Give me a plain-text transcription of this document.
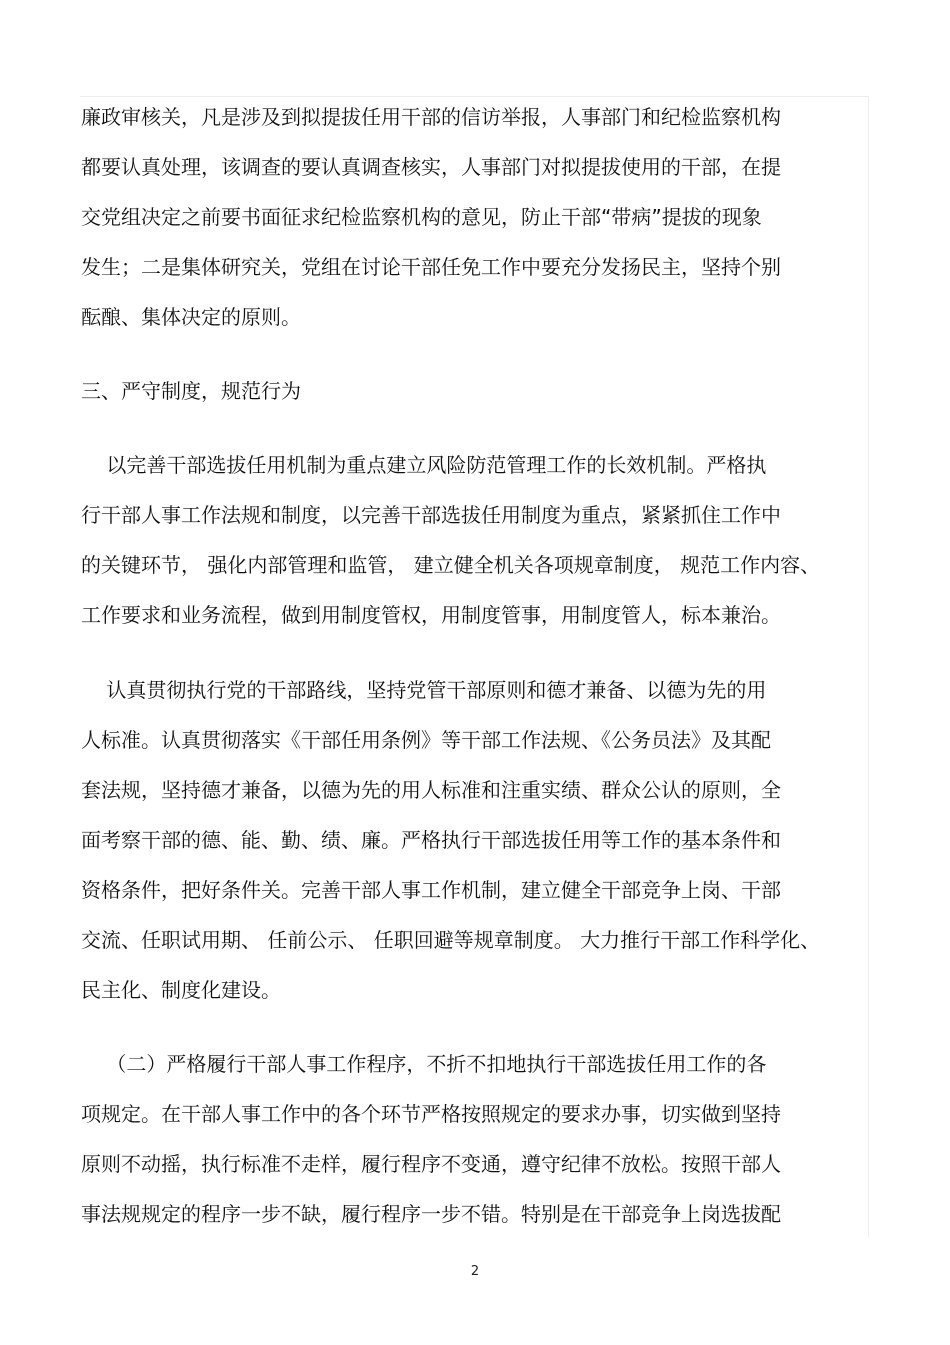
廉政审核关，凡是涉及到拟提拔任用干部的信访举报，人事部门和纪检监察机构
都要认真处理，该调查的要认真调查核实，人事部门对拟提拔使用的干部，在提
交党组决定之前要书面征求纪检监察机构的意见，防止干部“带病”提拔的现象
发生；二是集体研究关，党组在讨论干部任免工作中要充分发扬民主，坚持个别
酝酿、集体决定的原则。
三、严守制度，规范行为
以完善干部选拔任用机制为重点建立风险防范管理工作的长效机制。严格执
行干部人事工作法规和制度，以完善干部选拔任用制度为重点，紧紧抓住工作中
的关键环节， 强化内部管理和监管， 建立健全机关各项规章制度， 规范工作内容、
工作要求和业务流程，做到用制度管权，用制度管事，用制度管人，标本兼治。
认真贯彻执行党的干部路线，坚持党管干部原则和德才兼备、以德为先的用
人标准。认真贯彻落实《干部任用条例》等干部工作法规、《公务员法》及其配
套法规，坚持德才兼备，以德为先的用人标准和注重实绩、群众公认的原则，全
面考察干部的德、能、勤、绩、廉。严格执行干部选拔任用等工作的基本条件和
资格条件，把好条件关。完善干部人事工作机制，建立健全干部竞争上岗、干部
交流、任职试用期、 任前公示、 任职回避等规章制度。 大力推行干部工作科学化、
民主化、制度化建设。
（二）严格履行干部人事工作程序，不折不扣地执行干部选拔任用工作的各
项规定。在干部人事工作中的各个环节严格按照规定的要求办事，切实做到坚持
原则不动摇，执行标准不走样，履行程序不变通，遵守纪律不放松。按照干部人
事法规规定的程序一步不缺，履行程序一步不错。特别是在干部竞争上岗选拔配
2
